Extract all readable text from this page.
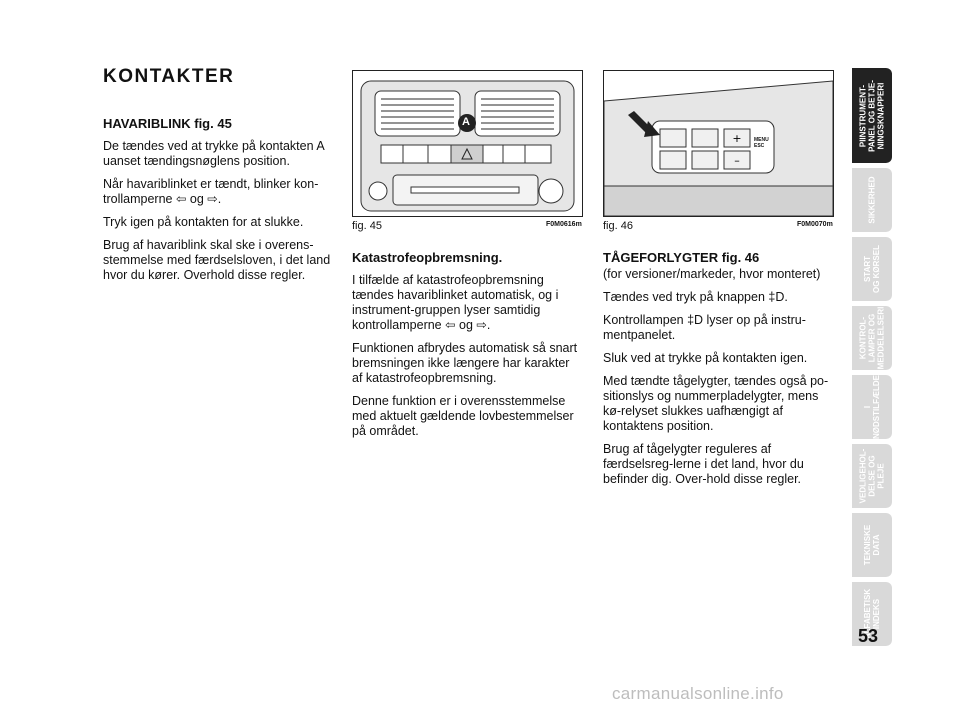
KONTAKTER

HAVARIBLINK fig. 45

De tændes ved at trykke på kontakten A uanset tændingsnøglens position.

Når havariblinket er tændt, blinker kon-trollamperne ⇦ og ⇨.

Tryk igen på kontakten for at slukke.

Brug af havariblink skal ske i overens-stemmelse med færdselsloven, i det land hvor du kører. Overhold disse regler.

A
fig. 45	F0M0616m

Katastrofeopbremsning.

I tilfælde af katastrofeopbremsning tændes havariblinket automatisk, og i instrument-gruppen lyser samtidig kontrollamperne ⇦ og ⇨.

Funktionen afbrydes automatisk så snart bremsningen ikke længere har karakter af katastrofeopbremsning.

Denne funktion er i overensstemmelse med aktuelt gældende lovbestemmelser på området.

+
–
MENU
ESC
fig. 46	F0M0070m

TÅGEFORLYGTER fig. 46

(for versioner/markeder, hvor monteret)

Tændes ved tryk på knappen ‡D.

Kontrollampen ‡D lyser op på instru-mentpanelet.

Sluk ved at trykke på kontakten igen.

Med tændte tågelygter, tændes også po-sitionslys og nummerpladelygter, mens kø-relyset slukkes uafhængigt af kontaktens position.

Brug af tågelygter reguleres af færdselsreg-lerne i det land, hvor du befinder dig. Over-hold disse regler.

PIINSTRUMENT-
PANEL OG BETJE-
NINGSKNAPPERI
SIKKERHED
START
OG KØRSEL
KONTROL-
LAMPER OG
MEDDELELSERI
I
NØDSTILFÆLDE
VEDLIGEHOL-
DELSE OG
PLEJE
TEKNISKE
DATA
ALFABETISK
INDEKS
53
carmanualsonline.info
